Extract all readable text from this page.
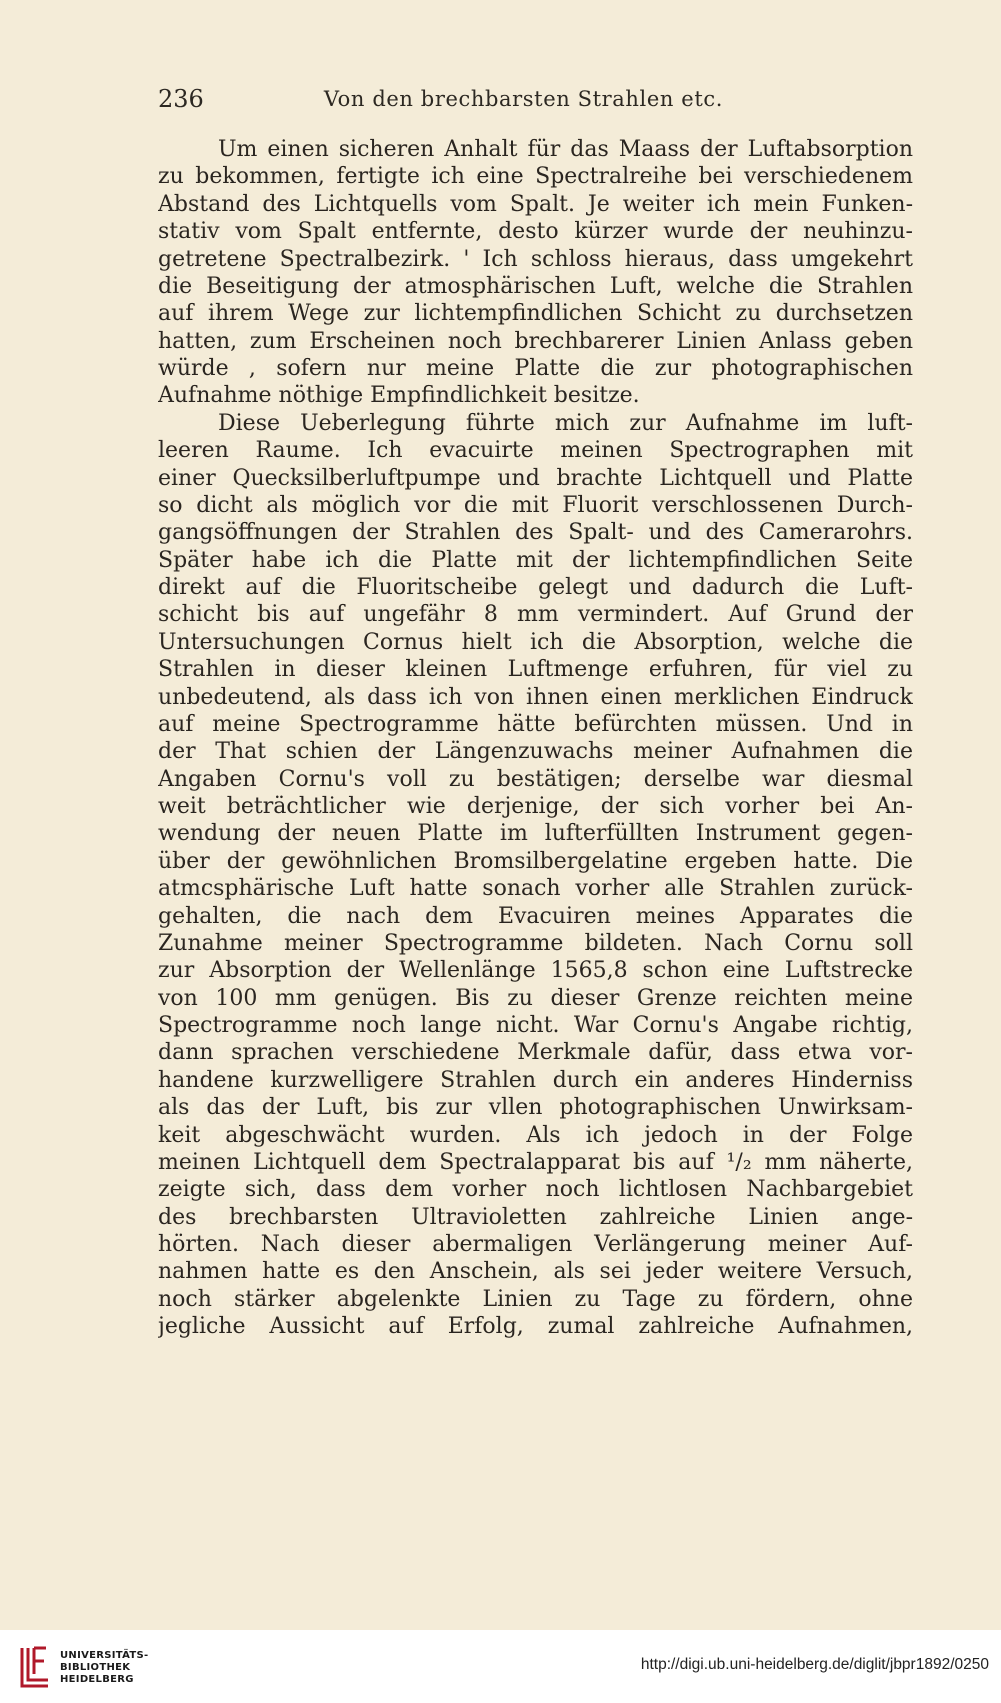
236	Von den brechbarsten Strahlen etc.
Um einen sicheren Anhalt für das Maass der Luftabsorption
zu bekommen, fertigte ich eine Spectralreihe bei verschiedenem
Abstand des Lichtquells vom Spalt. Je weiter ich mein Funken-
stativ vom Spalt entfernte, desto kürzer wurde der neuhinzu-
getretene Spectralbezirk. ' Ich schloss hieraus, dass umgekehrt
die Beseitigung der atmosphärischen Luft, welche die Strahlen
auf ihrem Wege zur lichtempfindlichen Schicht zu durchsetzen
hatten, zum Erscheinen noch brechbarerer Linien Anlass geben
würde , sofern nur meine Platte die zur photographischen
Aufnahme nöthige Empfindlichkeit besitze.
Diese Ueberlegung führte mich zur Aufnahme im luft-
leeren Raume. Ich evacuirte meinen Spectrographen mit
einer Quecksilberluftpumpe und brachte Lichtquell und Platte
so dicht als möglich vor die mit Fluorit verschlossenen Durch-
gangsöffnungen der Strahlen des Spalt- und des Camerarohrs.
Später habe ich die Platte mit der lichtempfindlichen Seite
direkt auf die Fluoritscheibe gelegt und dadurch die Luft-
schicht bis auf ungefähr 8 mm vermindert. Auf Grund der
Untersuchungen Cornus hielt ich die Absorption, welche die
Strahlen in dieser kleinen Luftmenge erfuhren, für viel zu
unbedeutend, als dass ich von ihnen einen merklichen Eindruck
auf meine Spectrogramme hätte befürchten müssen. Und in
der That schien der Längenzuwachs meiner Aufnahmen die
Angaben Cornu's voll zu bestätigen; derselbe war diesmal
weit beträchtlicher wie derjenige, der sich vorher bei An-
wendung der neuen Platte im lufterfüllten Instrument gegen-
über der gewöhnlichen Bromsilbergelatine ergeben hatte. Die
atmcsphärische Luft hatte sonach vorher alle Strahlen zurück-
gehalten, die nach dem Evacuiren meines Apparates die
Zunahme meiner Spectrogramme bildeten. Nach Cornu soll
zur Absorption der Wellenlänge 1565,8 schon eine Luftstrecke
von 100 mm genügen. Bis zu dieser Grenze reichten meine
Spectrogramme noch lange nicht. War Cornu's Angabe richtig,
dann sprachen verschiedene Merkmale dafür, dass etwa vor-
handene kurzwelligere Strahlen durch ein anderes Hinderniss
als das der Luft, bis zur vllen photographischen Unwirksam-
keit abgeschwächt wurden. Als ich jedoch in der Folge
meinen Lichtquell dem Spectralapparat bis auf ¹/₂ mm näherte,
zeigte sich, dass dem vorher noch lichtlosen Nachbargebiet
des brechbarsten Ultravioletten zahlreiche Linien ange-
hörten. Nach dieser abermaligen Verlängerung meiner Auf-
nahmen hatte es den Anschein, als sei jeder weitere Versuch,
noch stärker abgelenkte Linien zu Tage zu fördern, ohne
jegliche Aussicht auf Erfolg, zumal zahlreiche Aufnahmen,
UNIVERSITÄTS-
BIBLIOTHEK
HEIDELBERG
http://digi.ub.uni-heidelberg.de/diglit/jbpr1892/0250
